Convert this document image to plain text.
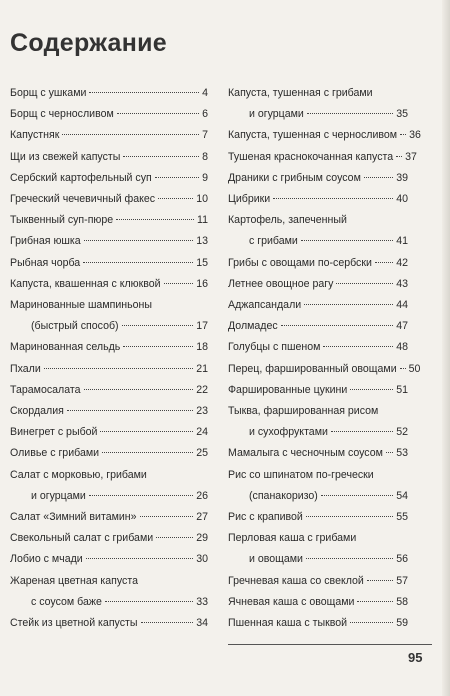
Содержание
Борщ с ушками	4
Борщ с черносливом	6
Капустняк	7
Щи из свежей капусты	8
Сербский картофельный суп	9
Греческий чечевичный факес	10
Тыквенный суп-пюре	11
Грибная юшка	13
Рыбная чорба	15
Капуста, квашенная с клюквой	16
Маринованные шампиньоны
(быстрый способ)	17
Маринованная сельдь	18
Пхали	21
Тарамосалата	22
Скордалия	23
Винегрет с рыбой	24
Оливье с грибами	25
Салат с морковью, грибами
и огурцами	26
Салат «Зимний витамин»	27
Свекольный салат с грибами	29
Лобио с мчади	30
Жареная цветная капуста
с соусом баже	33
Стейк из цветной капусты	34
Капуста, тушенная с грибами
и огурцами	35
Капуста, тушенная с черносливом 36
Тушеная краснокочанная капуста 37
Драники с грибным соусом	39
Цибрики	40
Картофель, запеченный
с грибами	41
Грибы с овощами по-сербски 42
Летнее овощное рагу	43
Аджапсандали	44
Долмадес	47
Голубцы с пшеном	48
Перец, фаршированный овощами 50
Фаршированные цукини	51
Тыква, фаршированная рисом
и сухофруктами	52
Мамалыга с чесночным соусом 53
Рис со шпинатом по-гречески
(спанакоризо)	54
Рис с крапивой	55
Перловая каша с грибами
и овощами	56
Гречневая каша со свеклой	57
Ячневая каша с овощами	58
Пшенная каша с тыквой	59
95
